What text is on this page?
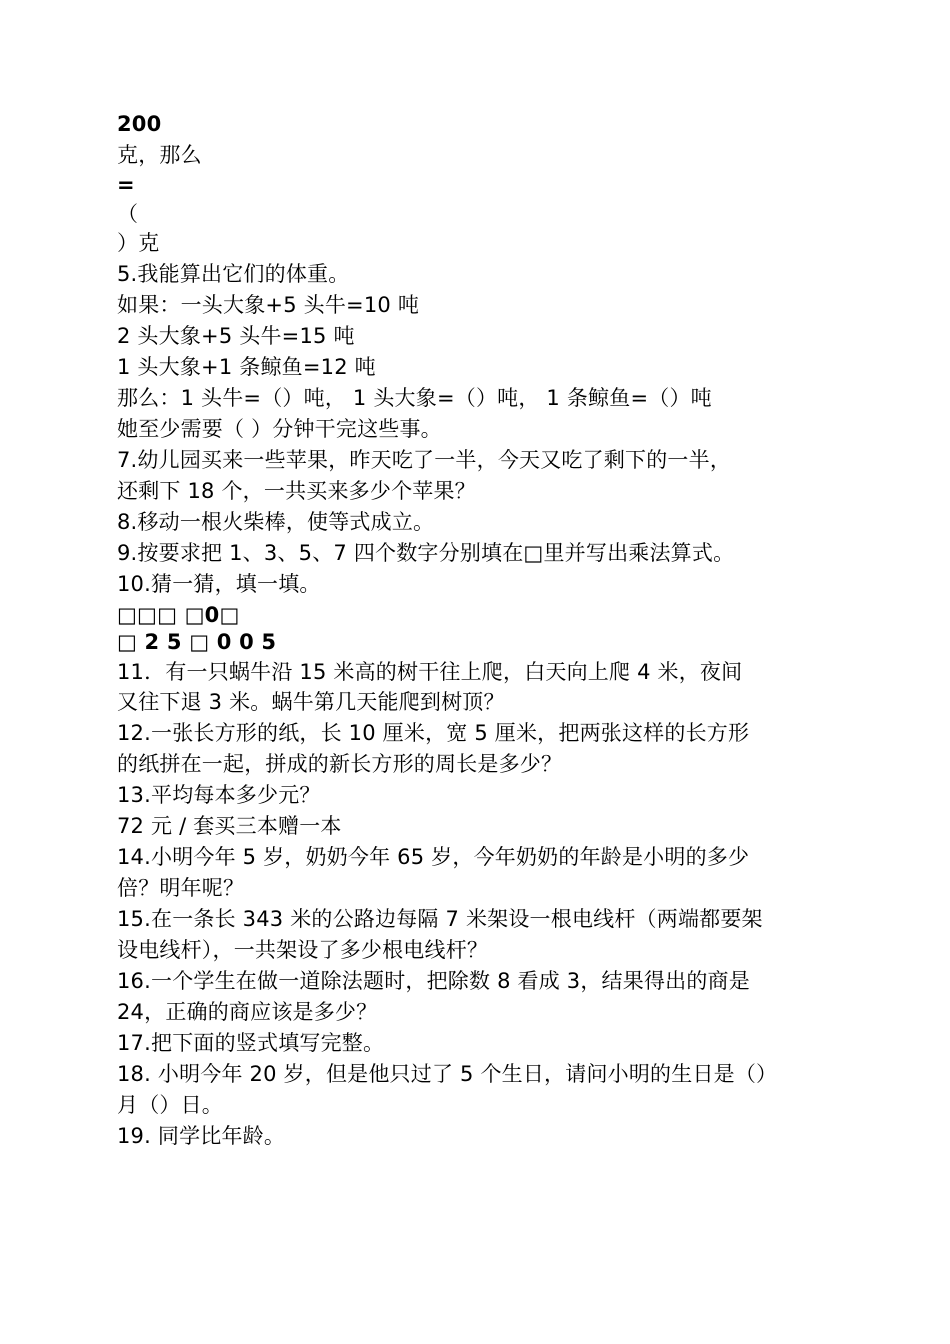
200
克，那么
=
（
）克
5.我能算出它们的体重。
如果：一头大象+5 头牛=10 吨
2 头大象+5 头牛=15 吨
1 头大象+1 条鲸鱼=12 吨
那么：1 头牛=（）吨， 1 头大象=（）吨， 1 条鲸鱼=（）吨
她至少需要（ ）分钟干完这些事。
7.幼儿园买来一些苹果，昨天吃了一半，今天又吃了剩下的一半，
还剩下 18 个，一共买来多少个苹果？
8.移动一根火柴棒，使等式成立。
9.按要求把 1、3、5、7 四个数字分别填在□里并写出乘法算式。
10.猜一猜，填一填。
□□□ □0□
□ 2 5 □ 0 0 5
11．有一只蜗牛沿 15 米高的树干往上爬，白天向上爬 4 米，夜间
又往下退 3 米。蜗牛第几天能爬到树顶？
12.一张长方形的纸，长 10 厘米，宽 5 厘米，把两张这样的长方形
的纸拼在一起，拼成的新长方形的周长是多少？
13.平均每本多少元？
72 元 / 套买三本赠一本
14.小明今年 5 岁，奶奶今年 65 岁，今年奶奶的年龄是小明的多少
倍？明年呢？
15.在一条长 343 米的公路边每隔 7 米架设一根电线杆（两端都要架
设电线杆），一共架设了多少根电线杆？
16.一个学生在做一道除法题时，把除数 8 看成 3，结果得出的商是
24，正确的商应该是多少？
17.把下面的竖式填写完整。
18. 小明今年 20 岁，但是他只过了 5 个生日，请问小明的生日是（）
月（）日。
19. 同学比年龄。
